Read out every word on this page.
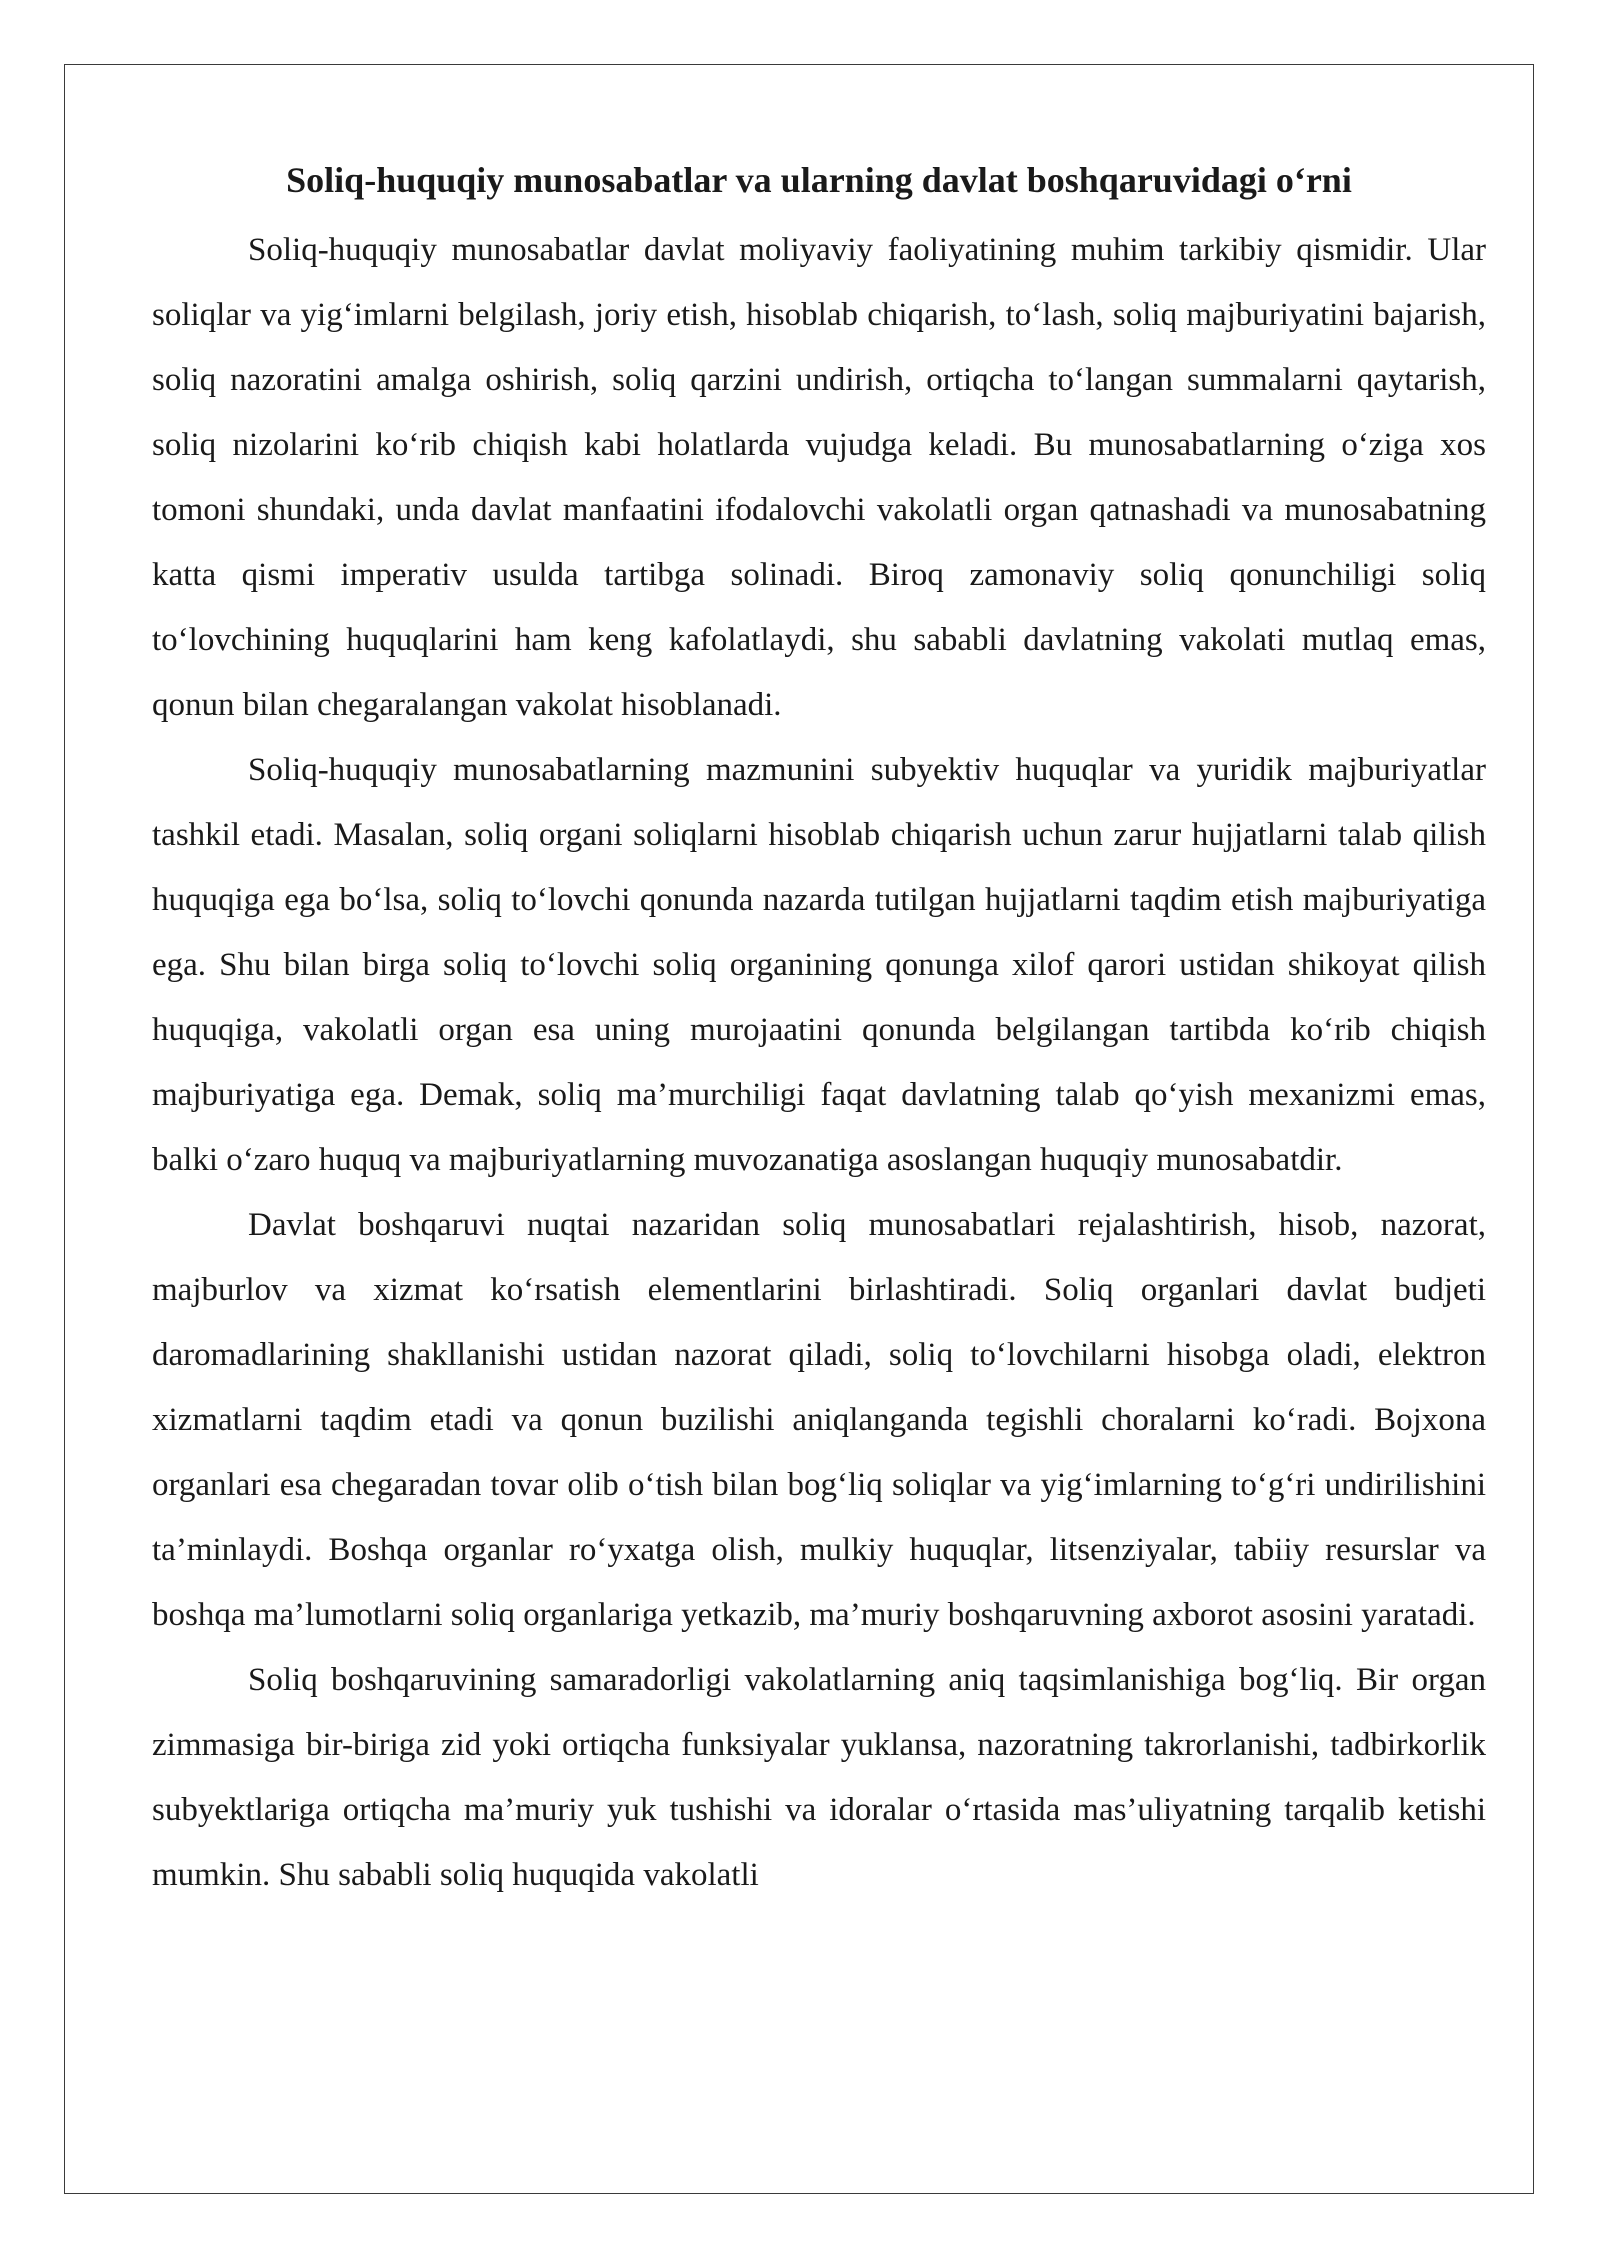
Soliq-huquqiy munosabatlar va ularning davlat boshqaruvidagi o‘rni

Soliq-huquqiy munosabatlar davlat moliyaviy faoliyatining muhim tarkibiy qismidir. Ular soliqlar va yig‘imlarni belgilash, joriy etish, hisoblab chiqarish, to‘lash, soliq majburiyatini bajarish, soliq nazoratini amalga oshirish, soliq qarzini undirish, ortiqcha to‘langan summalarni qaytarish, soliq nizolarini ko‘rib chiqish kabi holatlarda vujudga keladi. Bu munosabatlarning o‘ziga xos tomoni shundaki, unda davlat manfaatini ifodalovchi vakolatli organ qatnashadi va munosabatning katta qismi imperativ usulda tartibga solinadi. Biroq zamonaviy soliq qonunchiligi soliq to‘lovchining huquqlarini ham keng kafolatlaydi, shu sababli davlatning vakolati mutlaq emas, qonun bilan chegaralangan vakolat hisoblanadi.

Soliq-huquqiy munosabatlarning mazmunini subyektiv huquqlar va yuridik majburiyatlar tashkil etadi. Masalan, soliq organi soliqlarni hisoblab chiqarish uchun zarur hujjatlarni talab qilish huquqiga ega bo‘lsa, soliq to‘lovchi qonunda nazarda tutilgan hujjatlarni taqdim etish majburiyatiga ega. Shu bilan birga soliq to‘lovchi soliq organining qonunga xilof qarori ustidan shikoyat qilish huquqiga, vakolatli organ esa uning murojaatini qonunda belgilangan tartibda ko‘rib chiqish majburiyatiga ega. Demak, soliq ma’murchiligi faqat davlatning talab qo‘yish mexanizmi emas, balki o‘zaro huquq va majburiyatlarning muvozanatiga asoslangan huquqiy munosabatdir.

Davlat boshqaruvi nuqtai nazaridan soliq munosabatlari rejalashtirish, hisob, nazorat, majburlov va xizmat ko‘rsatish elementlarini birlashtiradi. Soliq organlari davlat budjeti daromadlarining shakllanishi ustidan nazorat qiladi, soliq to‘lovchilarni hisobga oladi, elektron xizmatlarni taqdim etadi va qonun buzilishi aniqlanganda tegishli choralarni ko‘radi. Bojxona organlari esa chegaradan tovar olib o‘tish bilan bog‘liq soliqlar va yig‘imlarning to‘g‘ri undirilishini ta’minlaydi. Boshqa organlar ro‘yxatga olish, mulkiy huquqlar, litsenziyalar, tabiiy resurslar va boshqa ma’lumotlarni soliq organlariga yetkazib, ma’muriy boshqaruvning axborot asosini yaratadi.

Soliq boshqaruvining samaradorligi vakolatlarning aniq taqsimlanishiga bog‘liq. Bir organ zimmasiga bir-biriga zid yoki ortiqcha funksiyalar yuklansa, nazoratning takrorlanishi, tadbirkorlik subyektlariga ortiqcha ma’muriy yuk tushishi va idoralar o‘rtasida mas’uliyatning tarqalib ketishi mumkin. Shu sababli soliq huquqida vakolatli
